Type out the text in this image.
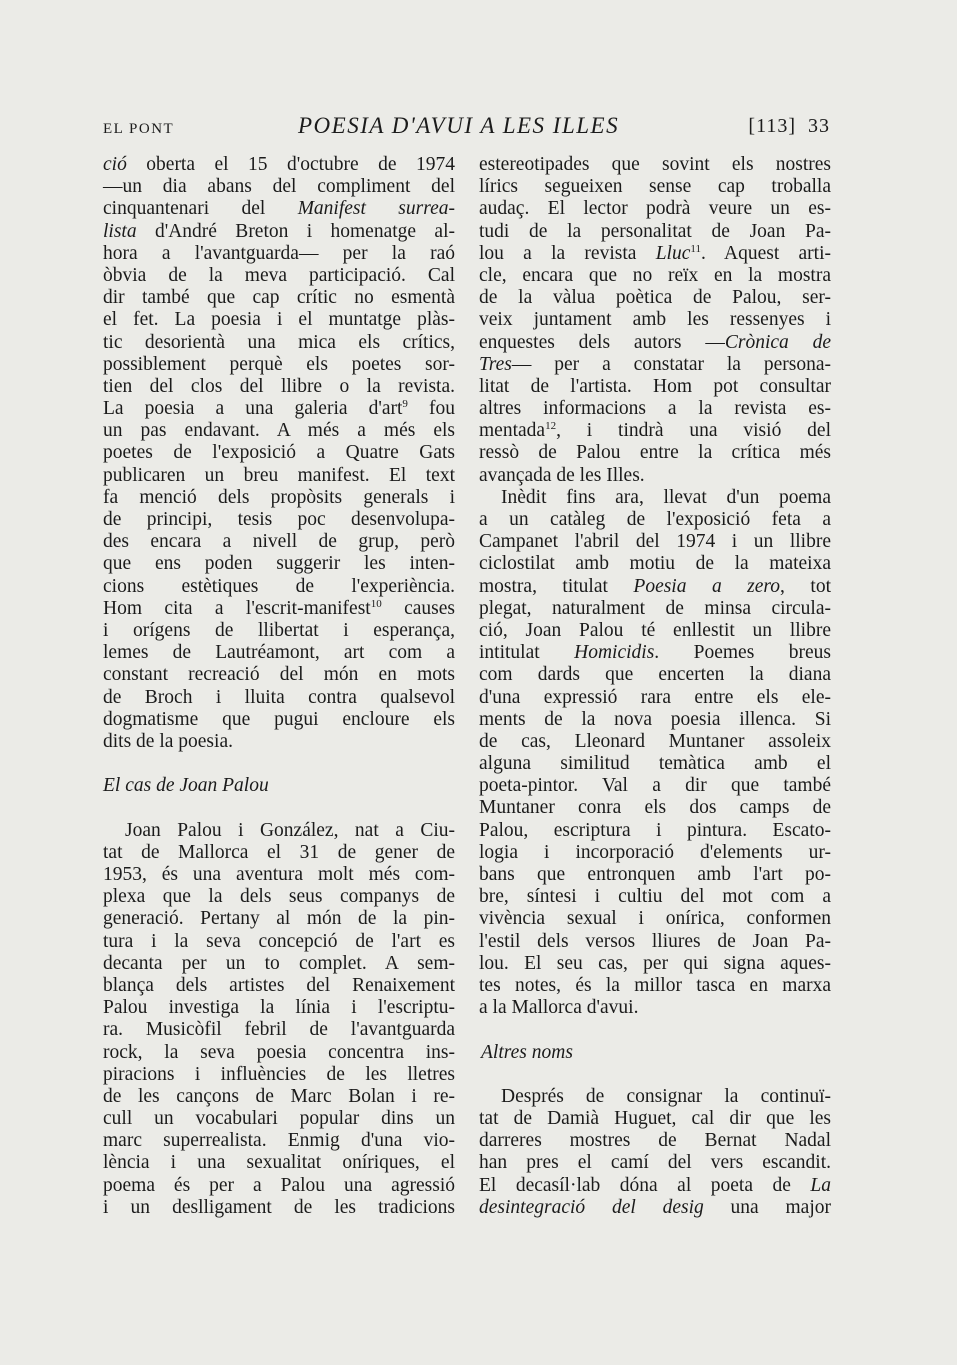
EL PONT	POESIA D'AVUI A LES ILLES	[113] 33
ció oberta el 15 d'octubre de 1974
—un dia abans del compliment del
cinquantenari del Manifest surrea-
lista d'André Breton i homenatge al-
hora a l'avantguarda— per la raó
òbvia de la meva participació. Cal
dir també que cap crític no esmentà
el fet. La poesia i el muntatge plàs-
tic desorientà una mica els crítics,
possiblement perquè els poetes sor-
tien del clos del llibre o la revista.
La poesia a una galeria d'art$^9$ fou
un pas endavant. A més a més els
poetes de l'exposició a Quatre Gats
publicaren un breu manifest. El text
fa menció dels propòsits generals i
de principi, tesis poc desenvolupa-
des encara a nivell de grup, però
que ens poden suggerir les inten-
cions estètiques de l'experiència.
Hom cita a l'escrit-manifest$^{10}$ causes
i orígens de llibertat i esperança,
lemes de Lautréamont, art com a
constant recreació del món en mots
de Broch i lluita contra qualsevol
dogmatisme que pugui encloure els
dits de la poesia.
El cas de Joan Palou
Joan Palou i González, nat a Ciu-
tat de Mallorca el 31 de gener de
1953, és una aventura molt més com-
plexa que la dels seus companys de
generació. Pertany al món de la pin-
tura i la seva concepció de l'art es
decanta per un to complet. A sem-
blança dels artistes del Renaixement
Palou investiga la línia i l'escriptu-
ra. Musicòfil febril de l'avantguarda
rock, la seva poesia concentra ins-
piracions i influències de les lletres
de les cançons de Marc Bolan i re-
cull un vocabulari popular dins un
marc superrealista. Enmig d'una vio-
lència i una sexualitat oníriques, el
poema és per a Palou una agressió
i un deslligament de les tradicions
estereotipades que sovint els nostres
lírics segueixen sense cap troballa
audaç. El lector podrà veure un es-
tudi de la personalitat de Joan Pa-
lou a la revista Lluc$^{11}$. Aquest arti-
cle, encara que no reïx en la mostra
de la vàlua poètica de Palou, ser-
veix juntament amb les ressenyes i
enquestes dels autors —Crònica de
Tres— per a constatar la persona-
litat de l'artista. Hom pot consultar
altres informacions a la revista es-
mentada$^{12}$, i tindrà una visió del
ressò de Palou entre la crítica més
avançada de les Illes.
Inèdit fins ara, llevat d'un poema
a un catàleg de l'exposició feta a
Campanet l'abril del 1974 i un llibre
ciclostilat amb motiu de la mateixa
mostra, titulat Poesia a zero, tot
plegat, naturalment de minsa circula-
ció, Joan Palou té enllestit un llibre
intitulat Homicidis. Poemes breus
com dards que encerten la diana
d'una expressió rara entre els ele-
ments de la nova poesia illenca. Si
de cas, Lleonard Muntaner assoleix
alguna similitud temàtica amb el
poeta-pintor. Val a dir que també
Muntaner conra els dos camps de
Palou, escriptura i pintura. Escato-
logia i incorporació d'elements ur-
bans que entronquen amb l'art po-
bre, síntesi i cultiu del mot com a
vivència sexual i onírica, conformen
l'estil dels versos lliures de Joan Pa-
lou. El seu cas, per qui signa aques-
tes notes, és la millor tasca en marxa
a la Mallorca d'avui.
Altres noms
Després de consignar la continuï-
tat de Damià Huguet, cal dir que les
darreres mostres de Bernat Nadal
han pres el camí del vers escandit.
El decasíl·lab dóna al poeta de La
desintegració del desig una major
